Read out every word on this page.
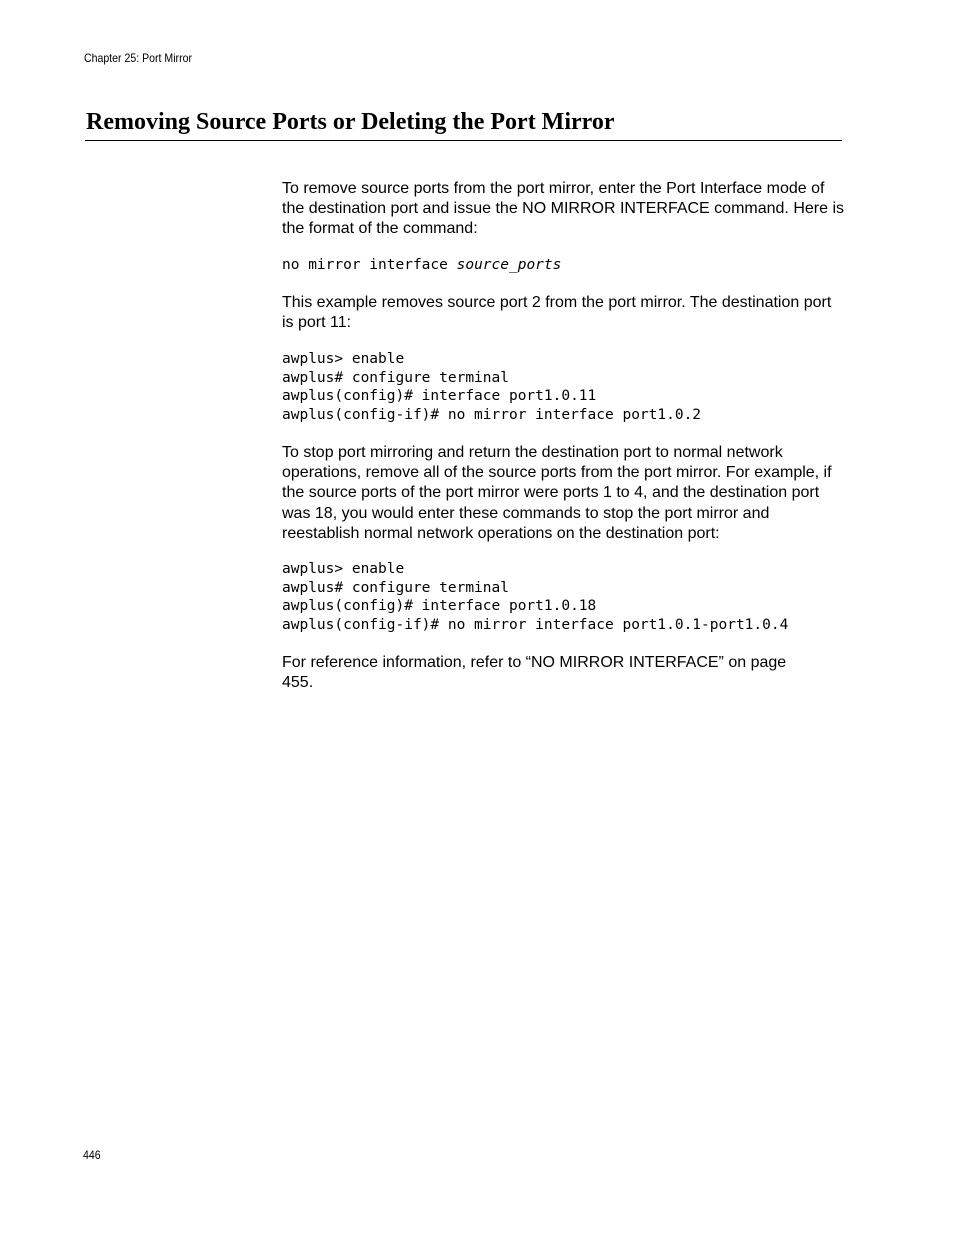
Chapter 25: Port Mirror
Removing Source Ports or Deleting the Port Mirror

To remove source ports from the port mirror, enter the Port Interface mode of the destination port and issue the NO MIRROR INTERFACE command. Here is the format of the command:

no mirror interface source_ports

This example removes source port 2 from the port mirror. The destination port is port 11:

awplus> enable
awplus# configure terminal
awplus(config)# interface port1.0.11
awplus(config-if)# no mirror interface port1.0.2

To stop port mirroring and return the destination port to normal network operations, remove all of the source ports from the port mirror. For example, if the source ports of the port mirror were ports 1 to 4, and the destination port was 18, you would enter these commands to stop the port mirror and reestablish normal network operations on the destination port:

awplus> enable
awplus# configure terminal
awplus(config)# interface port1.0.18
awplus(config-if)# no mirror interface port1.0.1-port1.0.4

For reference information, refer to “NO MIRROR INTERFACE” on page 455.

446
